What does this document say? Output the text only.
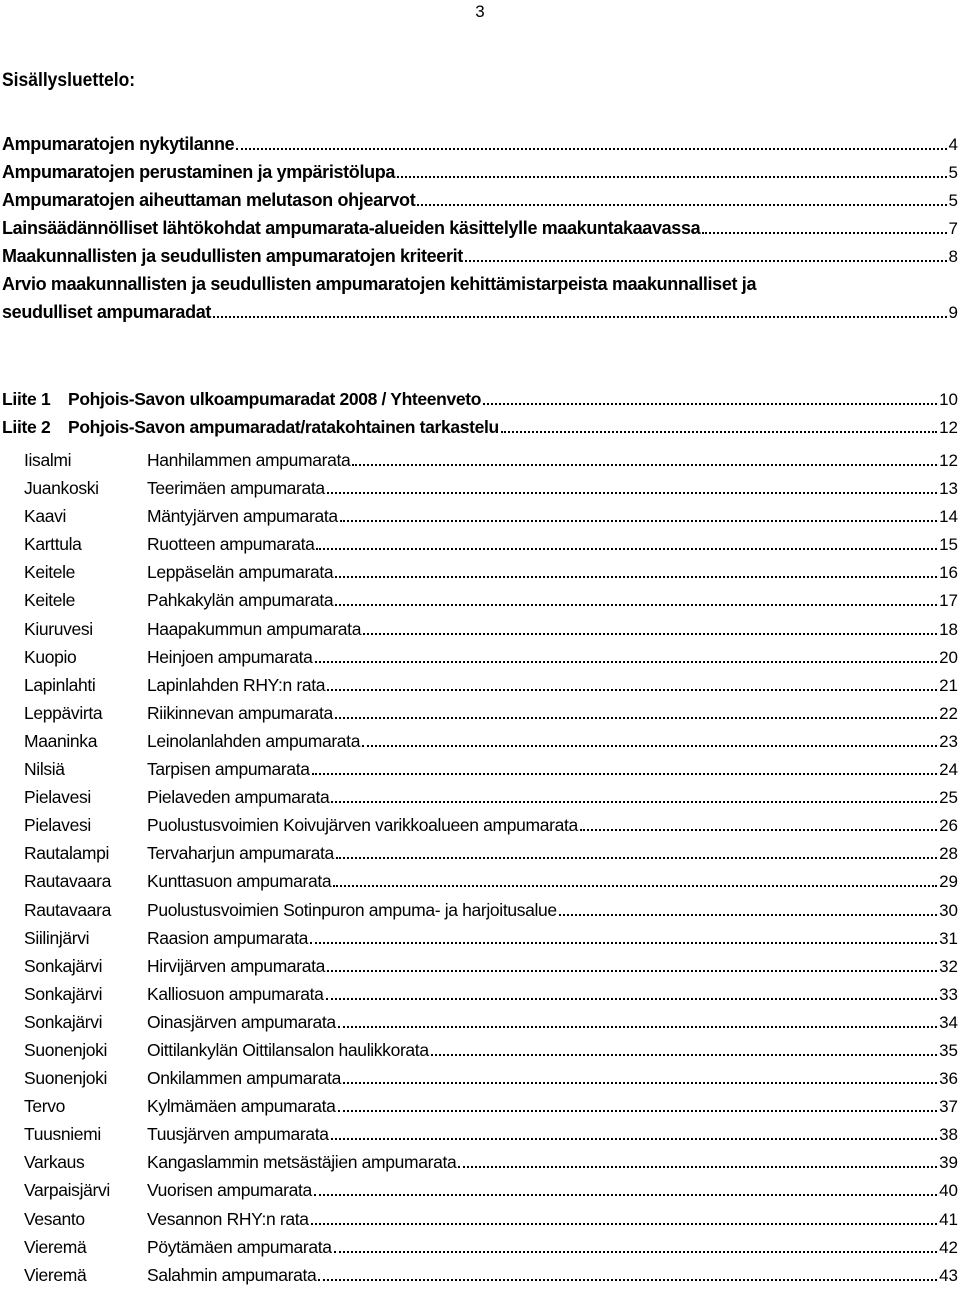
3
Sisällysluettelo:
Ampumaratojen nykytilanne	4
Ampumaratojen perustaminen ja ympäristölupa	5
Ampumaratojen aiheuttaman melutason ohjearvot	5
Lainsäädännölliset lähtökohdat ampumarata-alueiden käsittelylle maakuntakaavassa	7
Maakunnallisten ja seudullisten ampumaratojen kriteerit	8
Arvio maakunnallisten ja seudullisten ampumaratojen kehittämistarpeista maakunnalliset ja
seudulliset ampumaradat	9
Liite 1	Pohjois-Savon ulkoampumaradat 2008 / Yhteenveto	10
Liite 2	Pohjois-Savon ampumaradat/ratakohtainen tarkastelu	12
Iisalmi	Hanhilammen ampumarata	12
Juankoski	Teerimäen ampumarata	13
Kaavi	Mäntyjärven ampumarata	14
Karttula	Ruotteen ampumarata	15
Keitele	Leppäselän ampumarata	16
Keitele	Pahkakylän ampumarata	17
Kiuruvesi	Haapakummun ampumarata	18
Kuopio	Heinjoen ampumarata	20
Lapinlahti	Lapinlahden RHY:n rata	21
Leppävirta	Riikinnevan ampumarata	22
Maaninka	Leinolanlahden ampumarata	23
Nilsiä	Tarpisen ampumarata	24
Pielavesi	Pielaveden ampumarata	25
Pielavesi	Puolustusvoimien Koivujärven varikkoalueen ampumarata	26
Rautalampi	Tervaharjun ampumarata	28
Rautavaara	Kunttasuon ampumarata	29
Rautavaara	Puolustusvoimien Sotinpuron ampuma- ja harjoitusalue	30
Siilinjärvi	Raasion ampumarata	31
Sonkajärvi	Hirvijärven ampumarata	32
Sonkajärvi	Kalliosuon ampumarata	33
Sonkajärvi	Oinasjärven ampumarata	34
Suonenjoki	Oittilankylän Oittilansalon haulikkorata	35
Suonenjoki	Onkilammen ampumarata	36
Tervo	Kylmämäen ampumarata	37
Tuusniemi	Tuusjärven ampumarata	38
Varkaus	Kangaslammin metsästäjien ampumarata	39
Varpaisjärvi	Vuorisen ampumarata	40
Vesanto	Vesannon RHY:n rata	41
Vieremä	Pöytämäen ampumarata	42
Vieremä	Salahmin ampumarata	43
